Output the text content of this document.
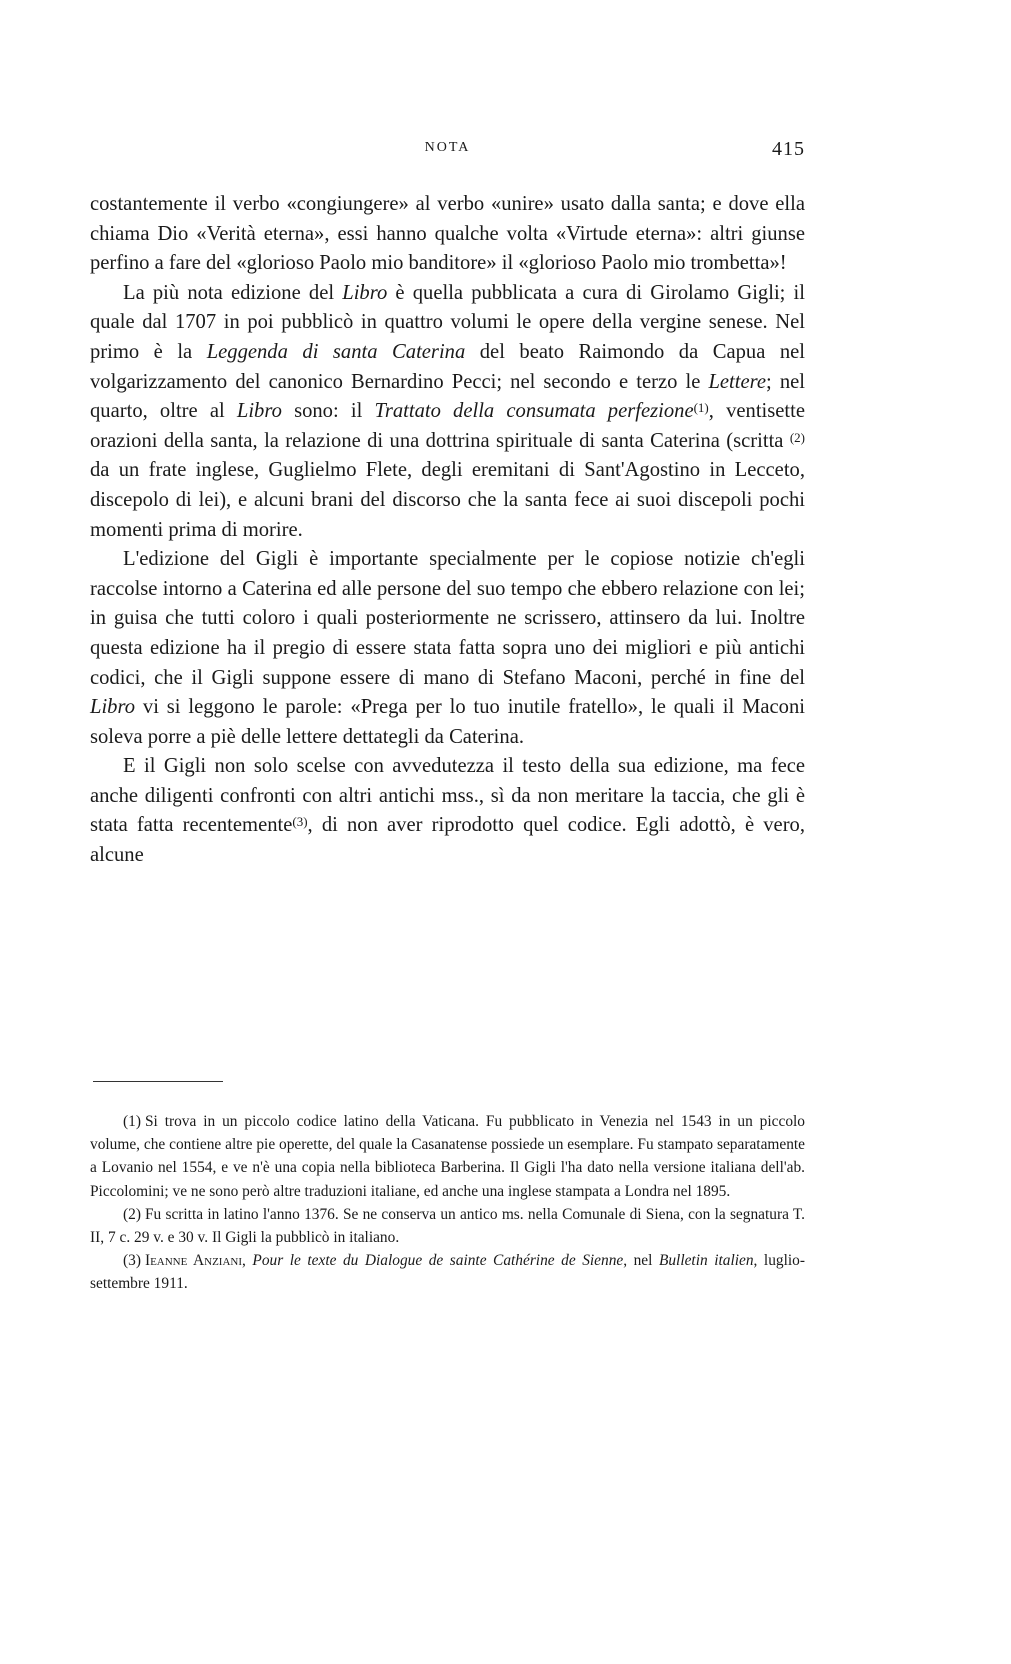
NOTA	415

costantemente il verbo «congiungere» al verbo «unire» usato dalla santa; e dove ella chiama Dio «Verità eterna», essi hanno qualche volta «Virtude eterna»: altri giunse perfino a fare del «glorioso Paolo mio banditore» il «glorioso Paolo mio trombetta»!

La più nota edizione del Libro è quella pubblicata a cura di Girolamo Gigli; il quale dal 1707 in poi pubblicò in quattro volumi le opere della vergine senese. Nel primo è la Leggenda di santa Caterina del beato Raimondo da Capua nel volgarizzamento del canonico Bernardino Pecci; nel secondo e terzo le Lettere; nel quarto, oltre al Libro sono: il Trattato della consumata perfezione$^{(1)}$, ventisette orazioni della santa, la relazione di una dottrina spirituale di santa Caterina (scritta $^{(2)}$ da un frate inglese, Guglielmo Flete, degli eremitani di Sant'Agostino in Lecceto, discepolo di lei), e alcuni brani del discorso che la santa fece ai suoi discepoli pochi momenti prima di morire.

L'edizione del Gigli è importante specialmente per le copiose notizie ch'egli raccolse intorno a Caterina ed alle persone del suo tempo che ebbero relazione con lei; in guisa che tutti coloro i quali posteriormente ne scrissero, attinsero da lui. Inoltre questa edizione ha il pregio di essere stata fatta sopra uno dei migliori e più antichi codici, che il Gigli suppone essere di mano di Stefano Maconi, perché in fine del Libro vi si leggono le parole: «Prega per lo tuo inutile fratello», le quali il Maconi soleva porre a piè delle lettere dettategli da Caterina.

E il Gigli non solo scelse con avvedutezza il testo della sua edizione, ma fece anche diligenti confronti con altri antichi mss., sì da non meritare la taccia, che gli è stata fatta recentemente$^{(3)}$, di non aver riprodotto quel codice. Egli adottò, è vero, alcune

(1) Si trova in un piccolo codice latino della Vaticana. Fu pubblicato in Venezia nel 1543 in un piccolo volume, che contiene altre pie operette, del quale la Casanatense possiede un esemplare. Fu stampato separatamente a Lovanio nel 1554, e ve n'è una copia nella biblioteca Barberina. Il Gigli l'ha dato nella versione italiana dell'ab. Piccolomini; ve ne sono però altre traduzioni italiane, ed anche una inglese stampata a Londra nel 1895.

(2) Fu scritta in latino l'anno 1376. Se ne conserva un antico ms. nella Comunale di Siena, con la segnatura T. II, 7 c. 29 v. e 30 v. Il Gigli la pubblicò in italiano.

(3) Ieanne Anziani, Pour le texte du Dialogue de sainte Cathérine de Sienne, nel Bulletin italien, luglio-settembre 1911.
